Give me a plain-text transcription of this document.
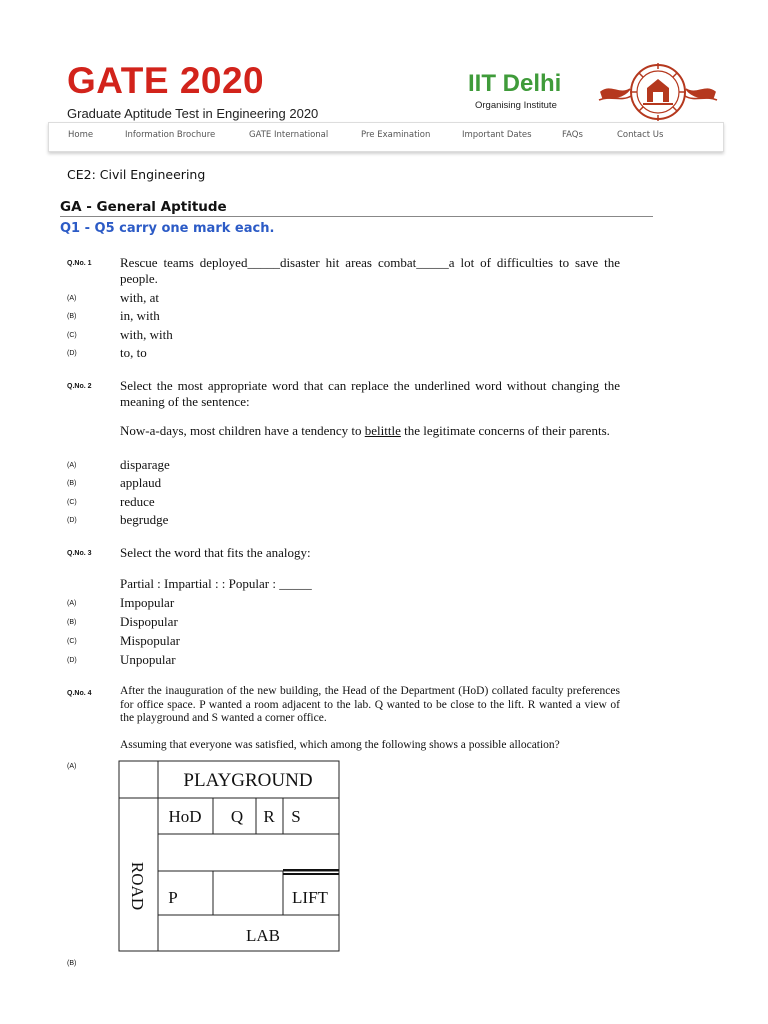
GATE 2020
Graduate Aptitude Test in Engineering 2020
IIT Delhi
Organising Institute
Home	Information Brochure	GATE International	Pre Examination	Important Dates	FAQs	Contact Us
CE2: Civil Engineering
GA - General Aptitude
Q1 - Q5 carry one mark each.
Q.No. 1 Rescue teams deployed_____disaster hit areas combat_____a lot of difficulties to save the people.
(A)	with, at
(B)	in, with
(C)	with, with
(D)	to, to
Q.No. 2 Select the most appropriate word that can replace the underlined word without changing the meaning of the sentence:
Now-a-days, most children have a tendency to belittle the legitimate concerns of their parents.
(A)	disparage
(B)	applaud
(C)	reduce
(D)	begrudge
Q.No. 3 Select the word that fits the analogy:
Partial : Impartial : : Popular : _____
(A)	Impopular
(B)	Dispopular
(C)	Mispopular
(D)	Unpopular
Q.No. 4 After the inauguration of the new building, the Head of the Department (HoD) collated faculty preferences for office space. P wanted a room adjacent to the lab. Q wanted to be close to the lift. R wanted a view of the playground and S wanted a corner office.
Assuming that everyone was satisfied, which among the following shows a possible allocation?
(A)
PLAYGROUND
HoD Q R S
P	LIFT
LAB
ROAD
(B)
